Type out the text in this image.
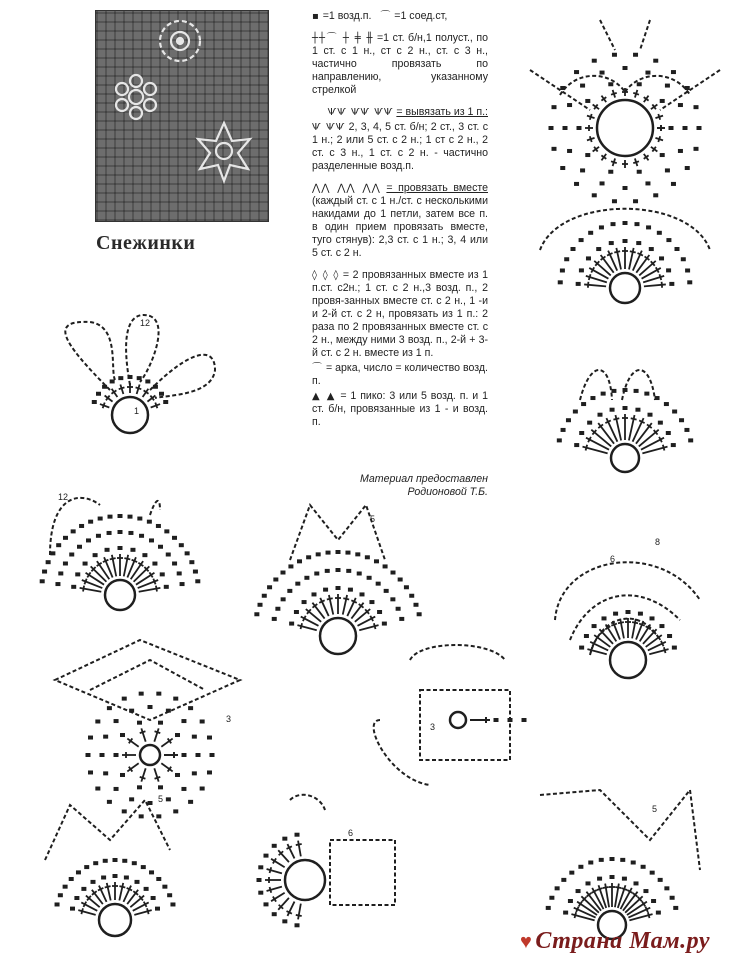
Снежинки

▪ =1 возд.п. ⌒ =1 соед.ст,

┼┼⌒ ┼ ╪ ╫ =1 ст. б/н,1 полуст., по 1 ст. с 1 н., ст с 2 н., ст. с 3 н., частично провязать по направлению, указанному стрелкой

ѰѰ ѰѰ ѰѰ = вывязать из 1 п.:

Ѱ ѰѰ 2, 3, 4, 5 ст. б/н; 2 ст., 3 ст. с 1 н.; 2 или 5 ст. с 2 н.; 1 ст с 2 н., 2 ст. с 3 н., 1 ст. с 2 н. - частично разделенные возд.п.

⋀⋀ ⋀⋀ ⋀⋀ = провязать вместе (каждый ст. с 1 н./ст. с несколькими накидами до 1 петли, затем все п. в один прием провязать вместе, туго стянув): 2,3 ст. с 1 н.; 3, 4 или 5 ст. с 2 н.

◊ ◊ ◊ = 2 провязанных вместе из 1 п.ст. с2н.; 1 ст. с 2 н.,3 возд. п., 2 провя-занных вместе ст. с 2 н., 1 -и и 2-й ст. с 2 н, провязать из 1 п.: 2 раза по 2 провязанных вместе ст. с 2 н., между ними 3 возд. п., 2-й + 3-й ст. с 2 н. вместе из 1 п.

⌒ = арка, число = количество возд. п.

▲ ▲ = 1 пико: 3 или 5 возд. п. и 1 ст. б/н, провязанные из 1 - и возд. п.

Материал предоставлен Родионовой Т.Б.
1
12
12
5
8
6
3
3
5
6
5
♥ Страна Мам.ру
